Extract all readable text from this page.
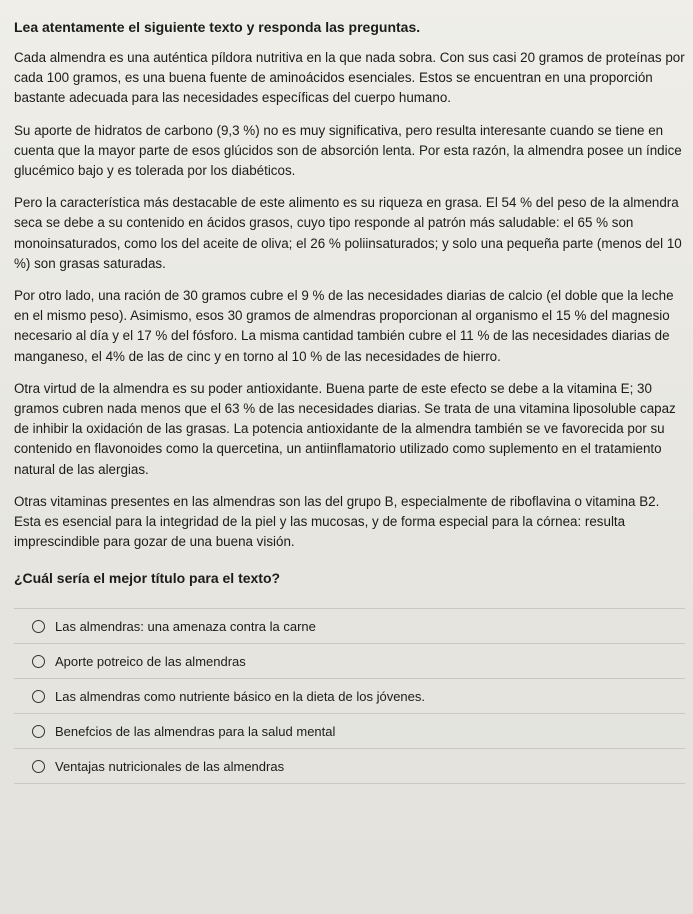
Lea atentamente el siguiente texto y responda las preguntas.

Cada almendra es una auténtica píldora nutritiva en la que nada sobra. Con sus casi 20 gramos de proteínas por cada 100 gramos, es una buena fuente de aminoácidos esenciales. Estos se encuentran en una proporción bastante adecuada para las necesidades específicas del cuerpo humano.

Su aporte de hidratos de carbono (9,3 %) no es muy significativa, pero resulta interesante cuando se tiene en cuenta que la mayor parte de esos glúcidos son de absorción lenta. Por esta razón, la almendra posee un índice glucémico bajo y es tolerada por los diabéticos.

Pero la característica más destacable de este alimento es su riqueza en grasa. El 54 % del peso de la almendra seca se debe a su contenido en ácidos grasos, cuyo tipo responde al patrón más saludable: el 65 % son monoinsaturados, como los del aceite de oliva; el 26 % poliinsaturados; y solo una pequeña parte (menos del 10 %) son grasas saturadas.

Por otro lado, una ración de 30 gramos cubre el 9 % de las necesidades diarias de calcio (el doble que la leche en el mismo peso). Asimismo, esos 30 gramos de almendras proporcionan al organismo el 15 % del magnesio necesario al día y el 17 % del fósforo. La misma cantidad también cubre el 11 % de las necesidades diarias de manganeso, el 4% de las de cinc y en torno al 10 % de las necesidades de hierro.

Otra virtud de la almendra es su poder antioxidante. Buena parte de este efecto se debe a la vitamina E; 30 gramos cubren nada menos que el 63 % de las necesidades diarias. Se trata de una vitamina liposoluble capaz de inhibir la oxidación de las grasas. La potencia antioxidante de la almendra también se ve favorecida por su contenido en flavonoides como la quercetina, un antiinflamatorio utilizado como suplemento en el tratamiento natural de las alergias.

Otras vitaminas presentes en las almendras son las del grupo B, especialmente de riboflavina o vitamina B2. Esta es esencial para la integridad de la piel y las mucosas, y de forma especial para la córnea: resulta imprescindible para gozar de una buena visión.

¿Cuál sería el mejor título para el texto?

Las almendras: una amenaza contra la carne
Aporte potreico de las almendras
Las almendras como nutriente básico en la dieta de los jóvenes.
Benefcios de las almendras para la salud mental
Ventajas nutricionales de las almendras
